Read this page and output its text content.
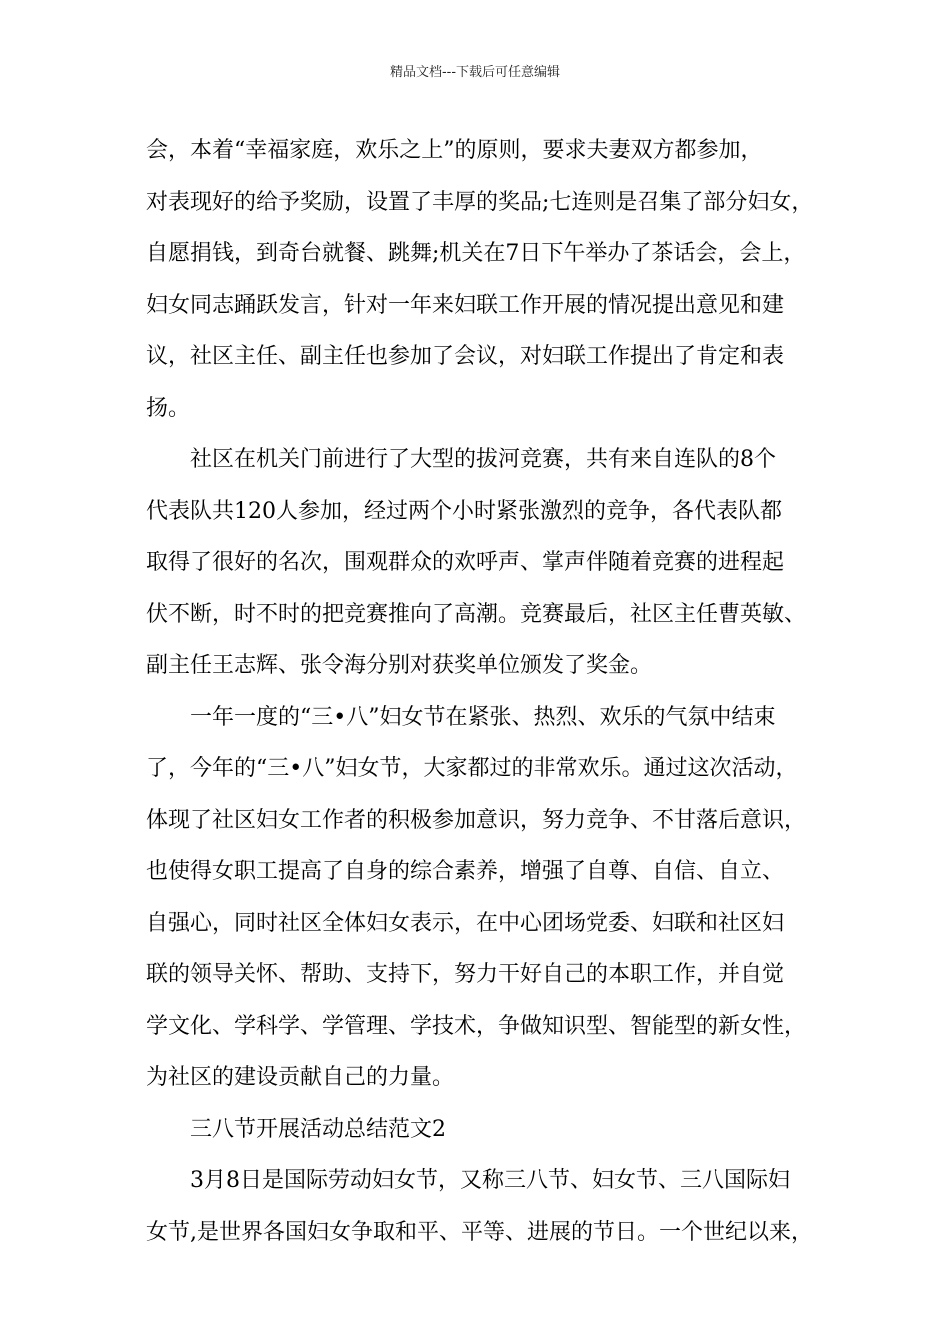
精品文档---下载后可任意编辑
会，本着“幸福家庭，欢乐之上”的原则，要求夫妻双方都参加，
对表现好的给予奖励，设置了丰厚的奖品;七连则是召集了部分妇女，
自愿捐钱，到奇台就餐、跳舞;机关在7日下午举办了茶话会，会上，
妇女同志踊跃发言，针对一年来妇联工作开展的情况提出意见和建
议，社区主任、副主任也参加了会议，对妇联工作提出了肯定和表
扬。
社区在机关门前进行了大型的拔河竞赛，共有来自连队的8个
代表队共120人参加，经过两个小时紧张激烈的竞争，各代表队都
取得了很好的名次，围观群众的欢呼声、掌声伴随着竞赛的进程起
伏不断，时不时的把竞赛推向了高潮。竞赛最后，社区主任曹英敏、
副主任王志辉、张令海分别对获奖单位颁发了奖金。
一年一度的“三•八”妇女节在紧张、热烈、欢乐的气氛中结束
了，今年的“三•八”妇女节，大家都过的非常欢乐。通过这次活动，
体现了社区妇女工作者的积极参加意识，努力竞争、不甘落后意识，
也使得女职工提高了自身的综合素养，增强了自尊、自信、自立、
自强心，同时社区全体妇女表示，在中心团场党委、妇联和社区妇
联的领导关怀、帮助、支持下，努力干好自己的本职工作，并自觉
学文化、学科学、学管理、学技术，争做知识型、智能型的新女性，
为社区的建设贡献自己的力量。
三八节开展活动总结范文2
3月8日是国际劳动妇女节，又称三八节、妇女节、三八国际妇
女节,是世界各国妇女争取和平、平等、进展的节日。一个世纪以来，
